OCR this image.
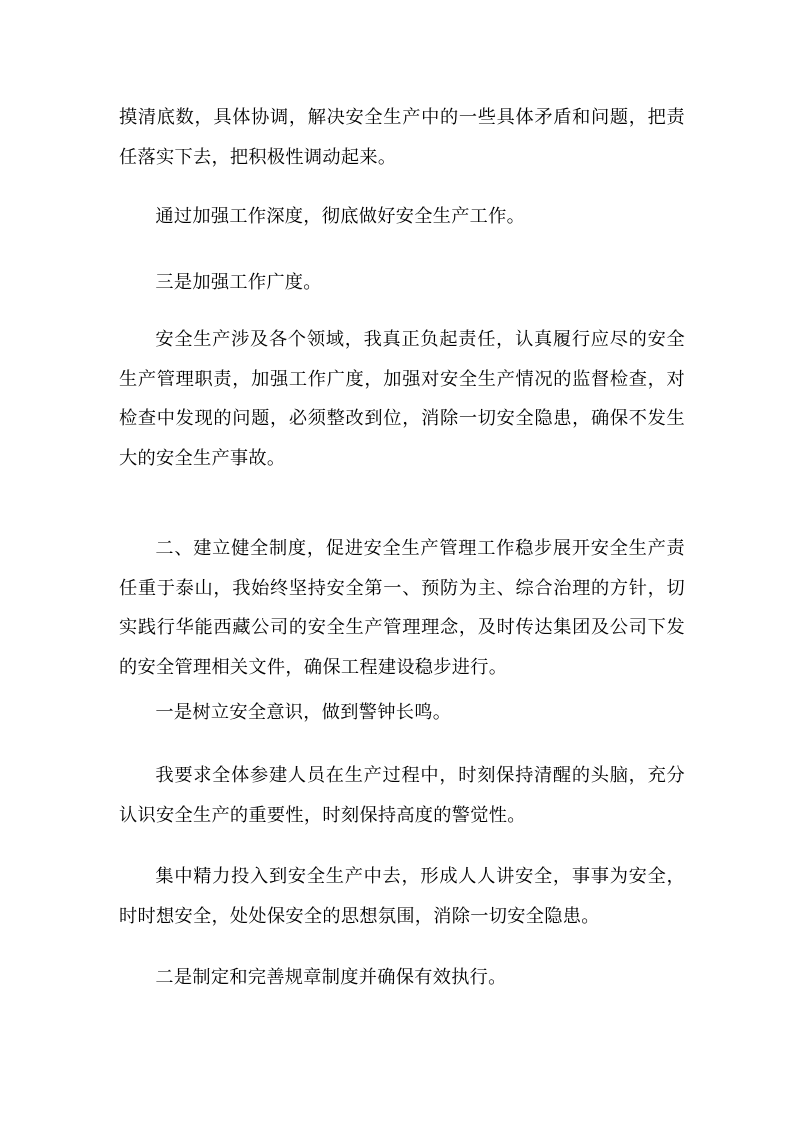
摸清底数，具体协调，解决安全生产中的一些具体矛盾和问题，把责任落实下去，把积极性调动起来。

通过加强工作深度，彻底做好安全生产工作。

三是加强工作广度。

安全生产涉及各个领域，我真正负起责任，认真履行应尽的安全生产管理职责，加强工作广度，加强对安全生产情况的监督检查，对检查中发现的问题，必须整改到位，消除一切安全隐患，确保不发生大的安全生产事故。

二、建立健全制度，促进安全生产管理工作稳步展开安全生产责任重于泰山，我始终坚持安全第一、预防为主、综合治理的方针，切实践行华能西藏公司的安全生产管理理念，及时传达集团及公司下发的安全管理相关文件，确保工程建设稳步进行。

一是树立安全意识，做到警钟长鸣。

我要求全体参建人员在生产过程中，时刻保持清醒的头脑，充分认识安全生产的重要性，时刻保持高度的警觉性。

集中精力投入到安全生产中去，形成人人讲安全，事事为安全，时时想安全，处处保安全的思想氛围，消除一切安全隐患。

二是制定和完善规章制度并确保有效执行。
